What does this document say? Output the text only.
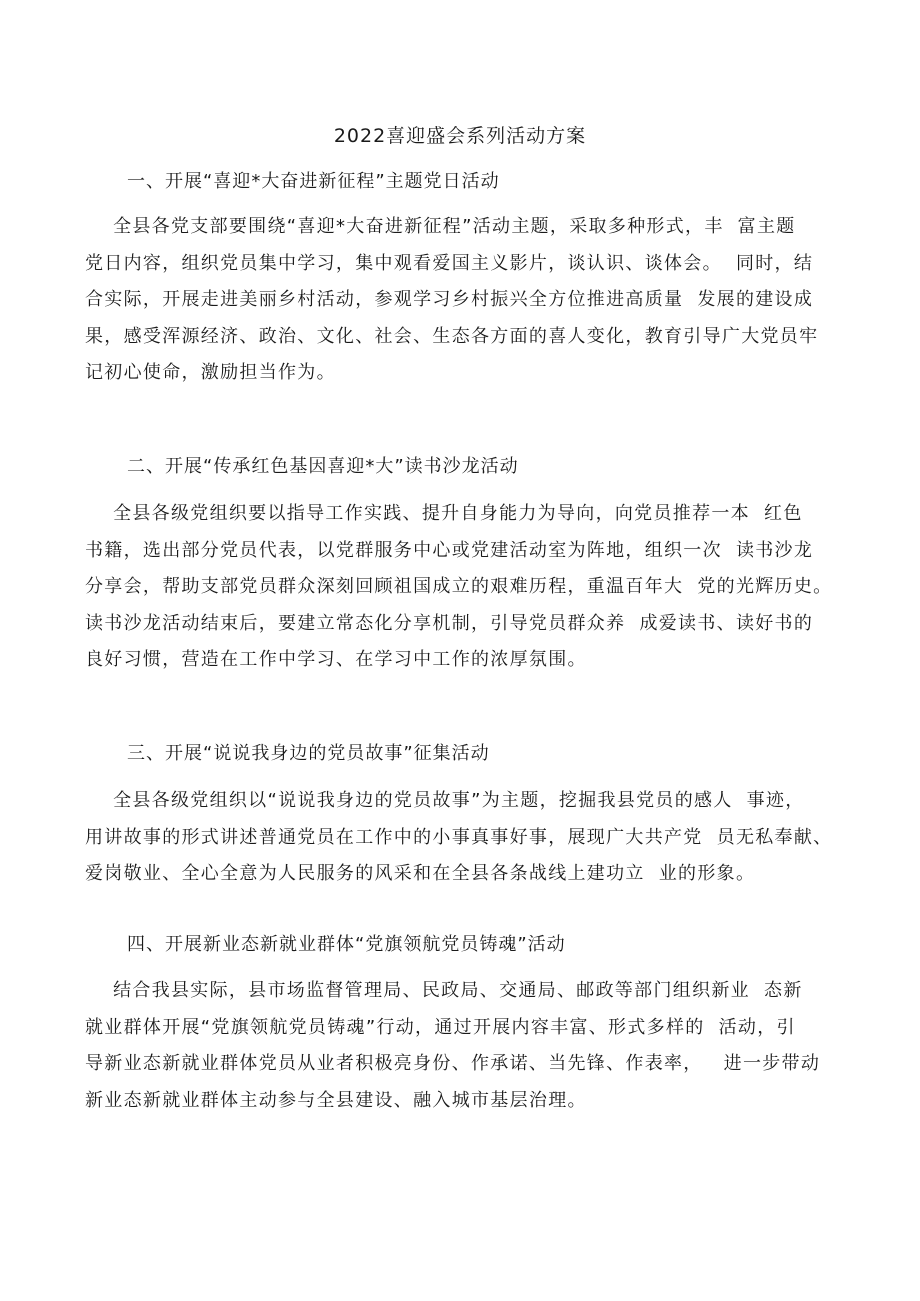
2022喜迎盛会系列活动方案
一、开展“喜迎*大奋进新征程”主题党日活动
全县各党支部要围绕“喜迎*大奋进新征程”活动主题，采取多种形式，丰  富主题
党日内容，组织党员集中学习，集中观看爱国主义影片，谈认识、谈体会。  同时，结
合实际，开展走进美丽乡村活动，参观学习乡村振兴全方位推进高质量  发展的建设成
果，感受浑源经济、政治、文化、社会、生态各方面的喜人变化，教育引导广大党员牢
记初心使命，激励担当作为。
二、开展“传承红色基因喜迎*大”读书沙龙活动
全县各级党组织要以指导工作实践、提升自身能力为导向，向党员推荐一本  红色
书籍，选出部分党员代表，以党群服务中心或党建活动室为阵地，组织一次  读书沙龙
分享会，帮助支部党员群众深刻回顾祖国成立的艰难历程，重温百年大  党的光辉历史。
读书沙龙活动结束后，要建立常态化分享机制，引导党员群众养  成爱读书、读好书的
良好习惯，营造在工作中学习、在学习中工作的浓厚氛围。
三、开展“说说我身边的党员故事”征集活动
全县各级党组织以“说说我身边的党员故事”为主题，挖掘我县党员的感人  事迹，
用讲故事的形式讲述普通党员在工作中的小事真事好事，展现广大共产党  员无私奉献、
爱岗敬业、全心全意为人民服务的风采和在全县各条战线上建功立  业的形象。
四、开展新业态新就业群体“党旗领航党员铸魂”活动
结合我县实际，县市场监督管理局、民政局、交通局、邮政等部门组织新业  态新
就业群体开展“党旗领航党员铸魂”行动，通过开展内容丰富、形式多样的  活动，引
导新业态新就业群体党员从业者积极亮身份、作承诺、当先锋、作表率，   进一步带动
新业态新就业群体主动参与全县建设、融入城市基层治理。
